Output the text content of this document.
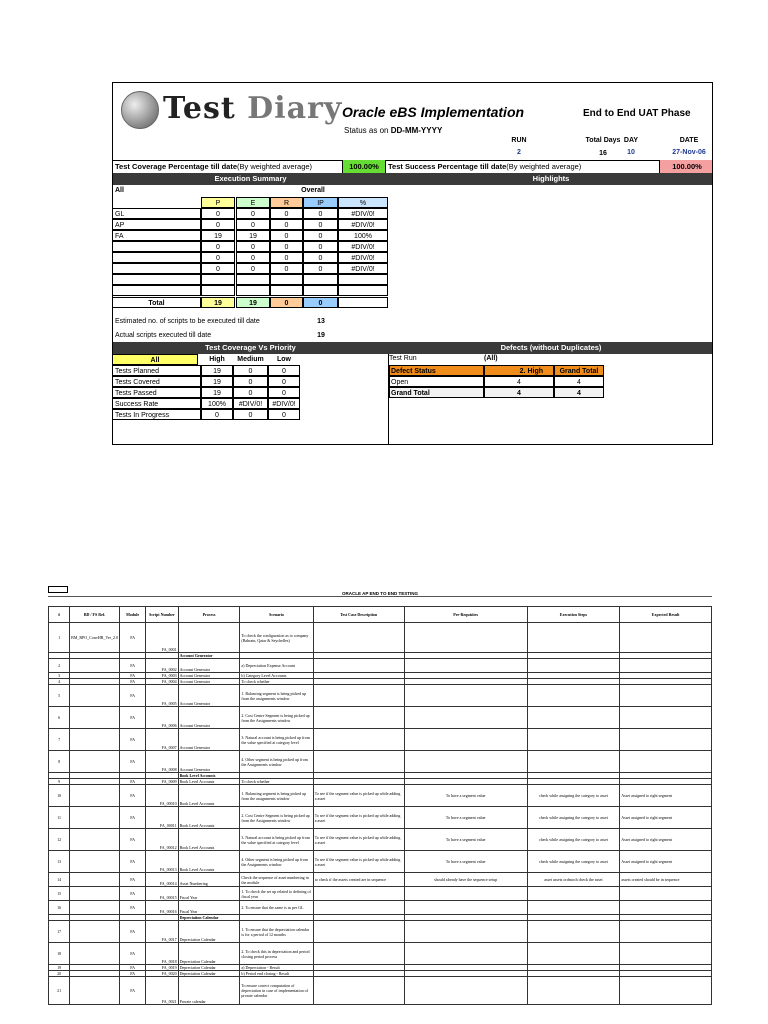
Test Diary Oracle eBS Implementation	End to End UAT Phase
Status as on DD-MM-YYYY
RUN	Total Days DAY	DATE
2	16	10	27-Nov-06
Test Coverage Percentage till date(By weighted average)	100.00%	Test Success Percentage till date(By weighted average)	100.00%
Execution Summary	Highlights
All	Overall
P	E	R	IP	%
GL	0	0	0	0	#DIV/0!
AP	0	0	0	0	#DIV/0!
FA	19	19	0	0	100%
0	0	0	0	#DIV/0!
0	0	0	0	#DIV/0!
0	0	0	0	#DIV/0!
Total	19	19	0	0
Estimated no. of scripts to be executed till date	13
Actual scripts executed till date	19
Test Coverage Vs Priority	Defects (without Duplicates)
All	High	Medium	Low
Tests Planned	19	0	0
Tests Covered	19	0	0
Tests Passed	19	0	0
Success Rate	100%	#DIV/0!	#DIV/0!
Tests In Progress	0	0	0
Test Run	(All)
Defect Status	2. High	Grand Total
Open	4	4
Grand Total	4	4
ORACLE AP END TO END TESTING
#	BD / FS Ref.	Module	Script Number	Process	Scenario	Test Case Description	Pre-Requisites	Execution Steps	Expected Result
1	BM_RPO_ConvHR_Ver_2.0	FA	FA_0001		To check the configuration as to company (Bahrain, Qatar & Seychelles)				
				Account Generator					
2		FA	FA_0002	Account Generator	a) Depreciation Expense Account				
3		FA	FA_0003	Account Generator	b) Category Level Accounts				
4		FA	FA_0004	Account Generator	To check whether				
5		FA	FA_0005	Account Generator	1. Balancing segment is being picked up from the assignments window				
6		FA	FA_0006	Account Generator	2. Cost Centre Segment is being picked up from the Assignments window				
7		FA	FA_0007	Account Generator	3. Natural account is being picked up from the value specified at category level				
8		FA	FA_0008	Account Generator	4. Other segment is being picked up from the Assignments window				
				Book Level Accounts					
9		FA	FA_0009	Book Level Accounts	To check whether				
10		FA	FA_00010	Book Level Accounts	1. Balancing segment is being picked up from the assignments window	To see if the segment value is picked up while adding a asset	To have a segment value	check while assigning the category to asset	Asset assigned to right segment
11		FA	FA_00011	Book Level Accounts	2. Cost Centre Segment is being picked up from the Assignments window	To see if the segment value is picked up while adding a asset	To have a segment value	check while assigning the category to asset	Asset assigned to right segment
12		FA	FA_00012	Book Level Accounts	3. Natural account is being picked up from the value specified at category level	To see if the segment value is picked up while adding a asset	To have a segment value	check while assigning the category to asset	Asset assigned to right segment
13		FA	FA_00013	Book Level Accounts	4. Other segment is being picked up from the Assignments window	To see if the segment value is picked up while adding a asset	To have a segment value	check while assigning the category to asset	Asset assigned to right segment
14		FA	FA_00014	Asset Numbering	Check the sequence of asset numbering in the module	to check if the assets created are in sequence	should already have the sequence setup	asset assets ordmoch check the asset	assets created should be in sequence
15		FA	FA_00015	Fiscal Year	1. To check the set up related to defining of fiscal year				
16		FA	FA_00016	Fiscal Year	2. To ensure that the same is as per GL				
				Depreciation Calendar					
17		FA	FA_0017	Depreciation Calendar	1. To ensure that the depreciation calendar is for a period of 12 months				
18		FA	FA_0018	Depreciation Calendar	2. To check this in depreciation and period closing period process				
19		FA	FA_0019	Depreciation Calendar	a) Depreciation - Result				
20		FA	FA_0020	Depreciation Calendar	b) Period end closing - Result				
21		FA	FA_0021	Prorate calendar	To ensure correct computation of depreciation in case of implementation of prorate calendar				
